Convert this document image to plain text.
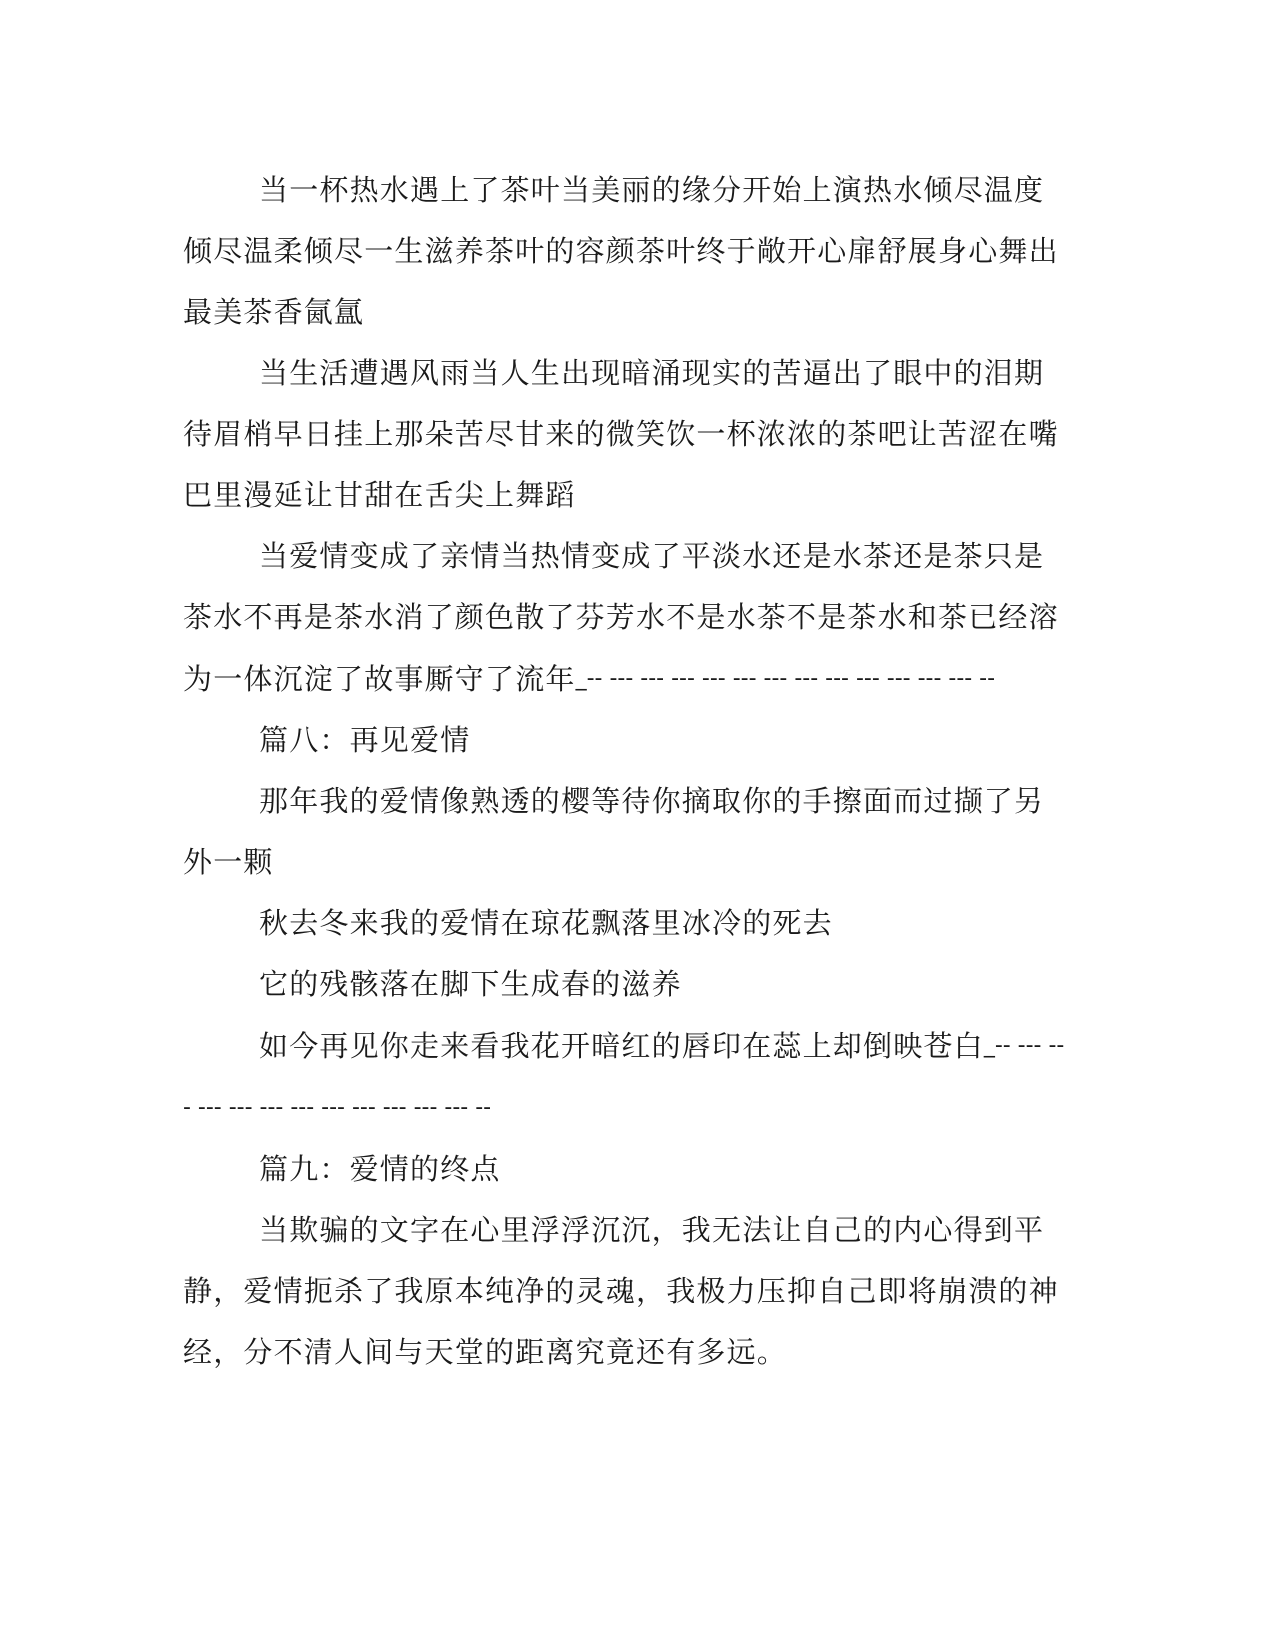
当一杯热水遇上了茶叶当美丽的缘分开始上演热水倾尽温度倾尽温柔倾尽一生滋养茶叶的容颜茶叶终于敞开心扉舒展身心舞出最美茶香氤氲

当生活遭遇风雨当人生出现暗涌现实的苦逼出了眼中的泪期待眉梢早日挂上那朵苦尽甘来的微笑饮一杯浓浓的茶吧让苦涩在嘴巴里漫延让甘甜在舌尖上舞蹈

当爱情变成了亲情当热情变成了平淡水还是水茶还是茶只是茶水不再是茶水消了颜色散了芬芳水不是水茶不是茶水和茶已经溶为一体沉淀了故事厮守了流年_-- --- --- --- --- --- --- --- --- --- --- --- --- --

篇八：再见爱情

那年我的爱情像熟透的樱等待你摘取你的手擦面而过撷了另外一颗

秋去冬来我的爱情在琼花飘落里冰冷的死去

它的残骸落在脚下生成春的滋养

如今再见你走来看我花开暗红的唇印在蕊上却倒映苍白_-- --- --- --- --- --- --- --- --- --- --- --- --

篇九：爱情的终点

当欺骗的文字在心里浮浮沉沉，我无法让自己的内心得到平静，爱情扼杀了我原本纯净的灵魂，我极力压抑自己即将崩溃的神经，分不清人间与天堂的距离究竟还有多远。
